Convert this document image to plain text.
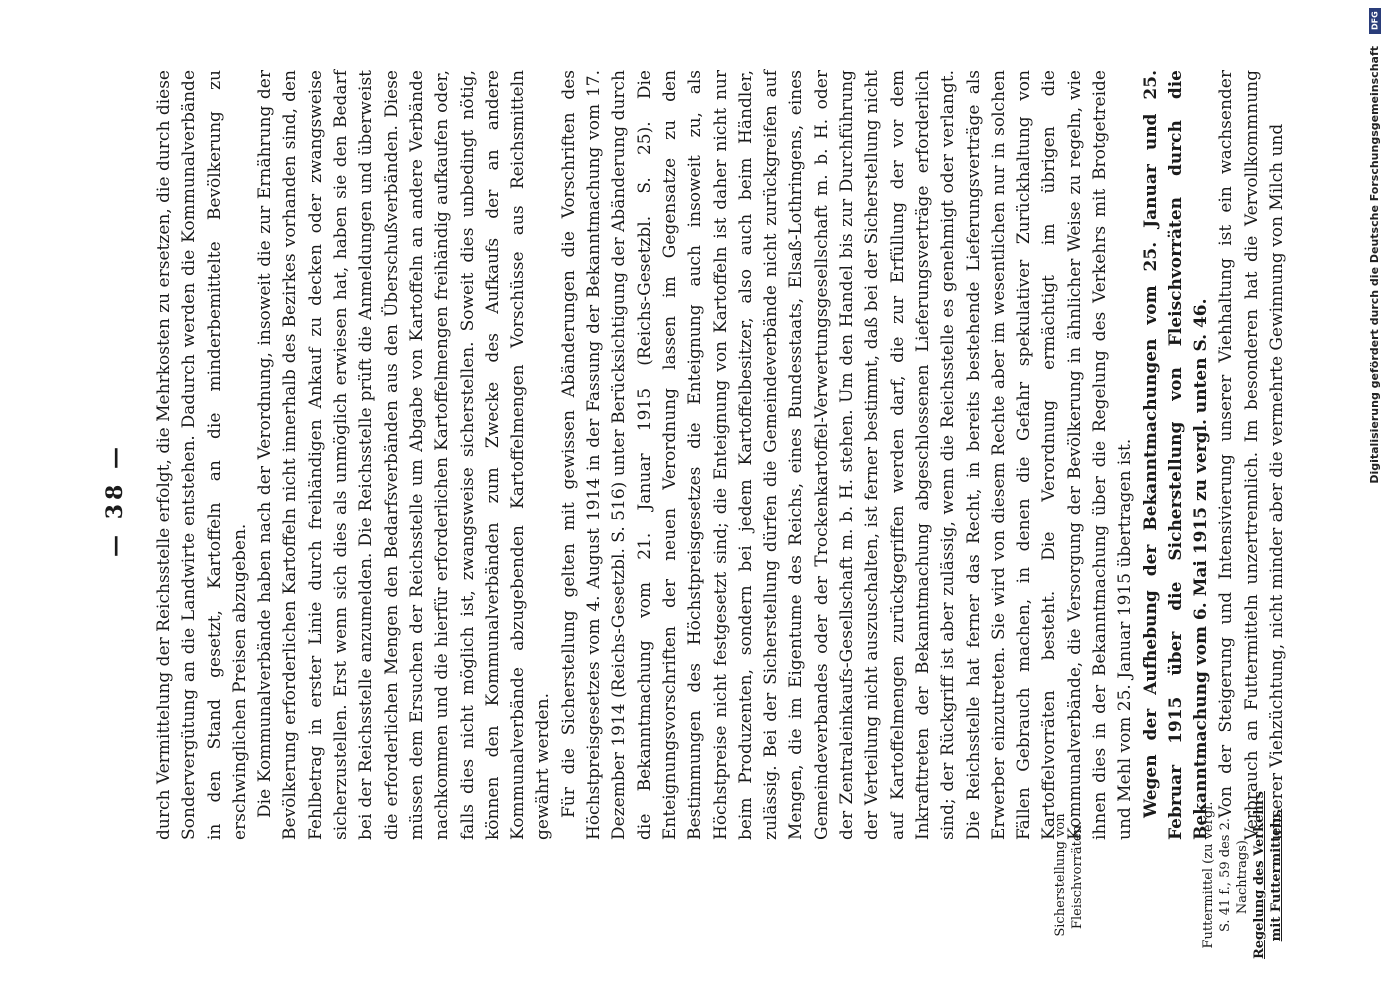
— 38 — durch Vermittelung der Reichsstelle erfolgt, die Mehrkosten zu ersetzen, die durch diese Sondervergütung an die Landwirte entstehen. Dadurch werden die Kommunalverbände in den Stand gesetzt, Kartoffeln an die minderbemittelte Bevölkerung zu erschwinglichen Preisen abzugeben. Die Kommunalverbände haben nach der Verordnung, insoweit die zur Ernährung der Bevölkerung erforderlichen Kartoffeln nicht innerhalb des Bezirkes vorhanden sind, den Fehlbetrag in erster Linie durch freihändigen Ankauf zu decken oder zwangsweise sicherzustellen. Erst wenn sich dies als unmöglich erwiesen hat, haben sie den Bedarf bei der Reichsstelle anzumelden. Die Reichsstelle prüft die Anmeldungen und überweist die erforderlichen Mengen den Bedarfsverbänden aus den Überschußverbänden. Diese müssen dem Ersuchen der Reichsstelle um Abgabe von Kartoffeln an andere Verbände nachkommen und die hierfür erforderlichen Kartoffelmengen freihändig aufkaufen oder, falls dies nicht möglich ist, zwangsweise sicherstellen. Soweit dies unbedingt nötig, können den Kommunalverbänden zum Zwecke des Aufkaufs der an andere Kommunalverbände abzugebenden Kartoffelmengen Vorschüsse aus Reichsmitteln gewährt werden. Für die Sicherstellung gelten mit gewissen Abänderungen die Vorschriften des Höchstpreisgesetzes vom 4. August 1914 in der Fassung der Bekanntmachung vom 17. Dezember 1914 (Reichs-Gesetzbl. S. 516) unter Berücksichtigung der Abänderung durch die Bekanntmachung vom 21. Januar 1915 (Reichs-Gesetzbl. S. 25). Die Enteignungsvorschriften der neuen Verordnung lassen im Gegensatze zu den Bestimmungen des Höchstpreisgesetzes die Enteignung auch insoweit zu, als Höchstpreise nicht festgesetzt sind; die Enteignung von Kartoffeln ist daher nicht nur beim Produzenten, sondern bei jedem Kartoffelbesitzer, also auch beim Händler, zulässig. Bei der Sicherstellung dürfen die Gemeindeverbände nicht zurückgreifen auf Mengen, die im Eigentume des Reichs, eines Bundesstaats, Elsaß-Lothringens, eines Gemeindeverbandes oder der Trockenkartoffel-Verwertungsgesellschaft m. b. H. oder der Zentraleinkaufs-Gesellschaft m. b. H. stehen. Um den Handel bis zur Durchführung der Verteilung nicht auszuschalten, ist ferner bestimmt, daß bei der Sicherstellung nicht auf Kartoffelmengen zurückgegriffen werden darf, die zur Erfüllung der vor dem Inkrafttreten der Bekanntmachung abgeschlossenen Lieferungsverträge erforderlich sind; der Rückgriff ist aber zulässig, wenn die Reichsstelle es genehmigt oder verlangt. Die Reichsstelle hat ferner das Recht, in bereits bestehende Lieferungsverträge als Erwerber einzutreten. Sie wird von diesem Rechte aber im wesentlichen nur in solchen Fällen Gebrauch machen, in denen die Gefahr spekulativer Zurückhaltung von Kartoffelvorräten besteht. Die Verordnung ermächtigt im übrigen die Kommunalverbände, die Versorgung der Bevölkerung in ähnlicher Weise zu regeln, wie ihnen dies in der Bekanntmachung über die Regelung des Verkehrs mit Brotgetreide und Mehl vom 25. Januar 1915 übertragen ist. Wegen der Aufhebung der Bekanntmachungen vom 25. Januar und 25. Februar 1915 über die Sicherstellung von Fleischvorräten durch die Bekanntmachung vom 6. Mai 1915 zu vergl. unten S. 46. Von der Steigerung und Intensivierung unserer Viehhaltung ist ein wachsender Verbrauch an Futtermitteln unzertrennlich. Im besonderen hat die Vervollkommnung unserer Viehzüchtung, nicht minder aber die vermehrte Gewinnung von Milch und

Sicherstellung von Fleischvorräten.	Futtermittel (zu vergl. S. 41 f., 59 des 2. Nachtrags). Regelung des Verkehrs mit Futtermitteln.
DFG
Digitalisierung gefördert durch die Deutsche Forschungsgemeinschaft
